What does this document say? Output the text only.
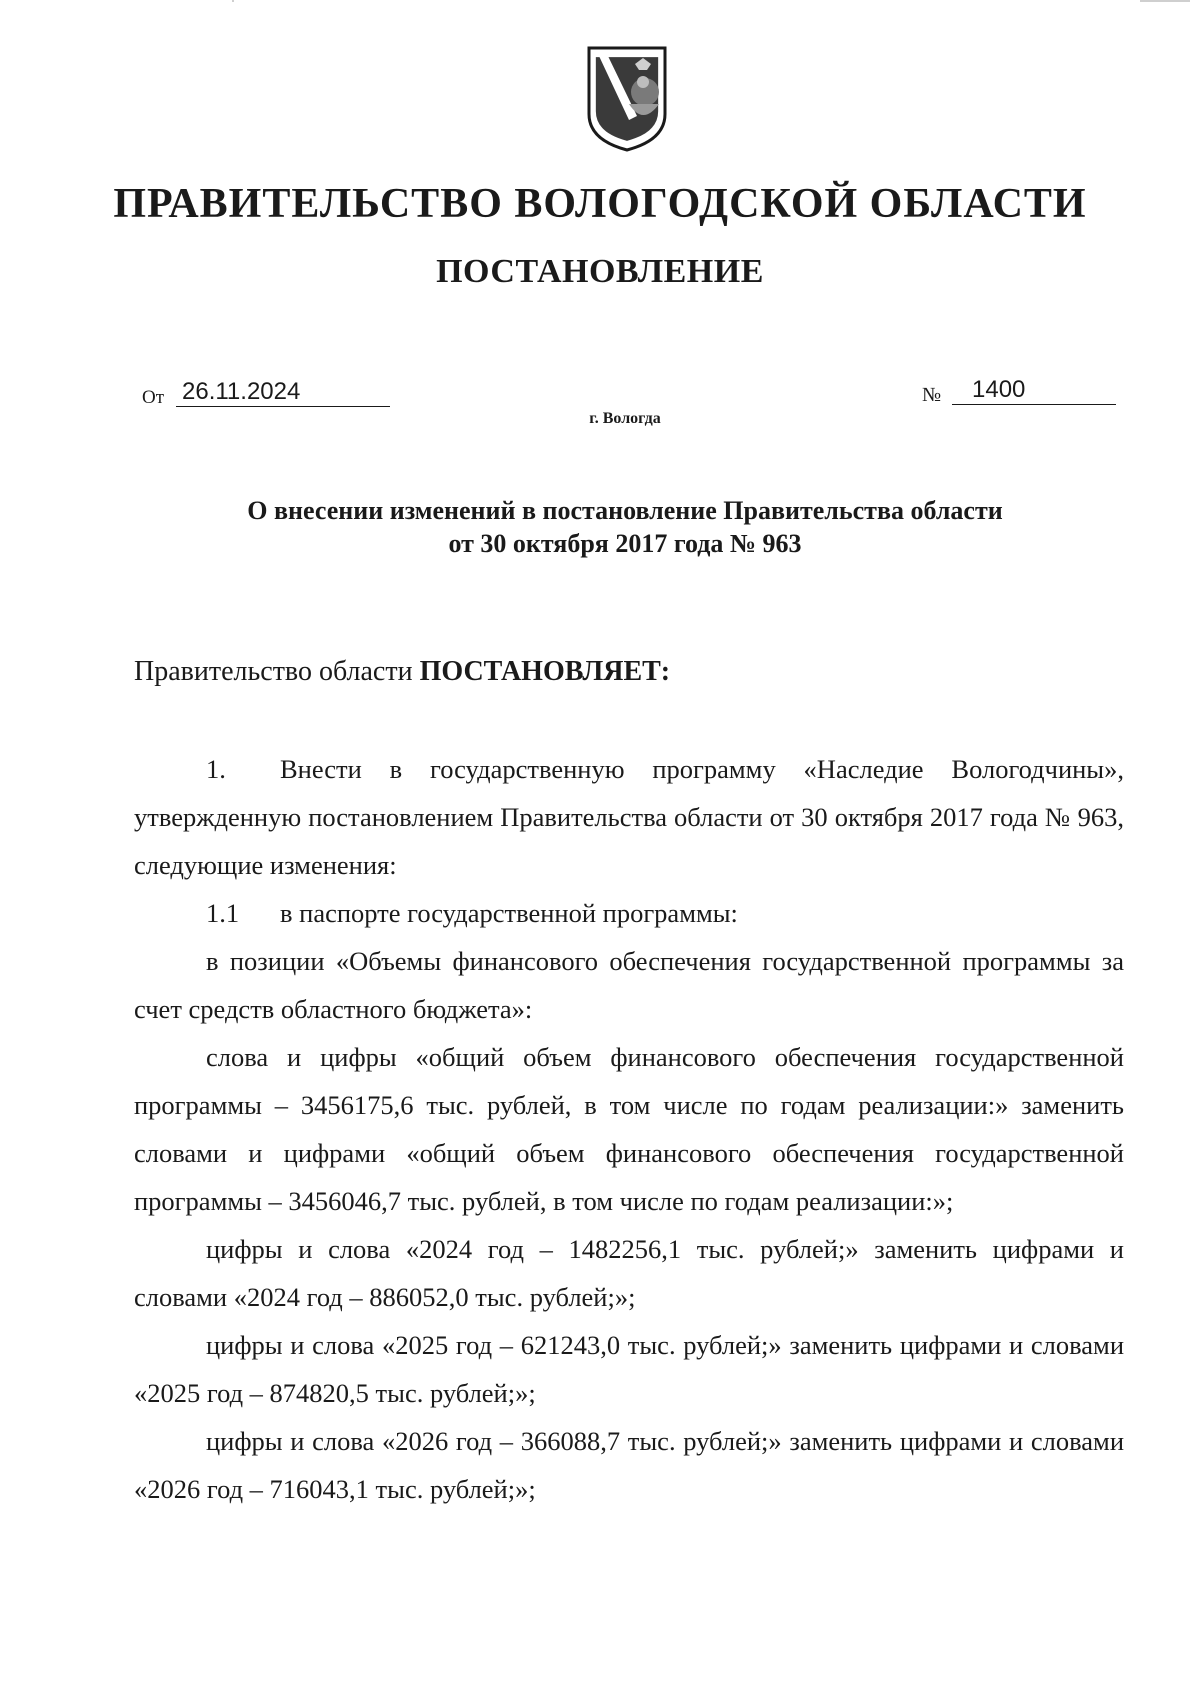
ПРАВИТЕЛЬСТВО ВОЛОГОДСКОЙ ОБЛАСТИ
ПОСТАНОВЛЕНИЕ
От 26.11.2024	№	1400
г. Вологда
О внесении изменений в постановление Правительства области
от 30 октября 2017 года № 963
Правительство области ПОСТАНОВЛЯЕТ:

1. Внести в государственную программу «Наследие Вологодчины», утвержденную постановлением Правительства области от 30 октября 2017 года № 963, следующие изменения:

1.1 в паспорте государственной программы:

в позиции «Объемы финансового обеспечения государственной программы за счет средств областного бюджета»:

слова и цифры «общий объем финансового обеспечения государственной программы – 3456175,6 тыс. рублей, в том числе по годам реализации:» заменить словами и цифрами «общий объем финансового обеспечения государственной программы – 3456046,7 тыс. рублей, в том числе по годам реализации:»;

цифры и слова «2024 год – 1482256,1 тыс. рублей;» заменить цифрами и словами «2024 год – 886052,0 тыс. рублей;»;

цифры и слова «2025 год – 621243,0 тыс. рублей;» заменить цифрами и словами «2025 год – 874820,5 тыс. рублей;»;

цифры и слова «2026 год – 366088,7 тыс. рублей;» заменить цифрами и словами «2026 год – 716043,1 тыс. рублей;»;
